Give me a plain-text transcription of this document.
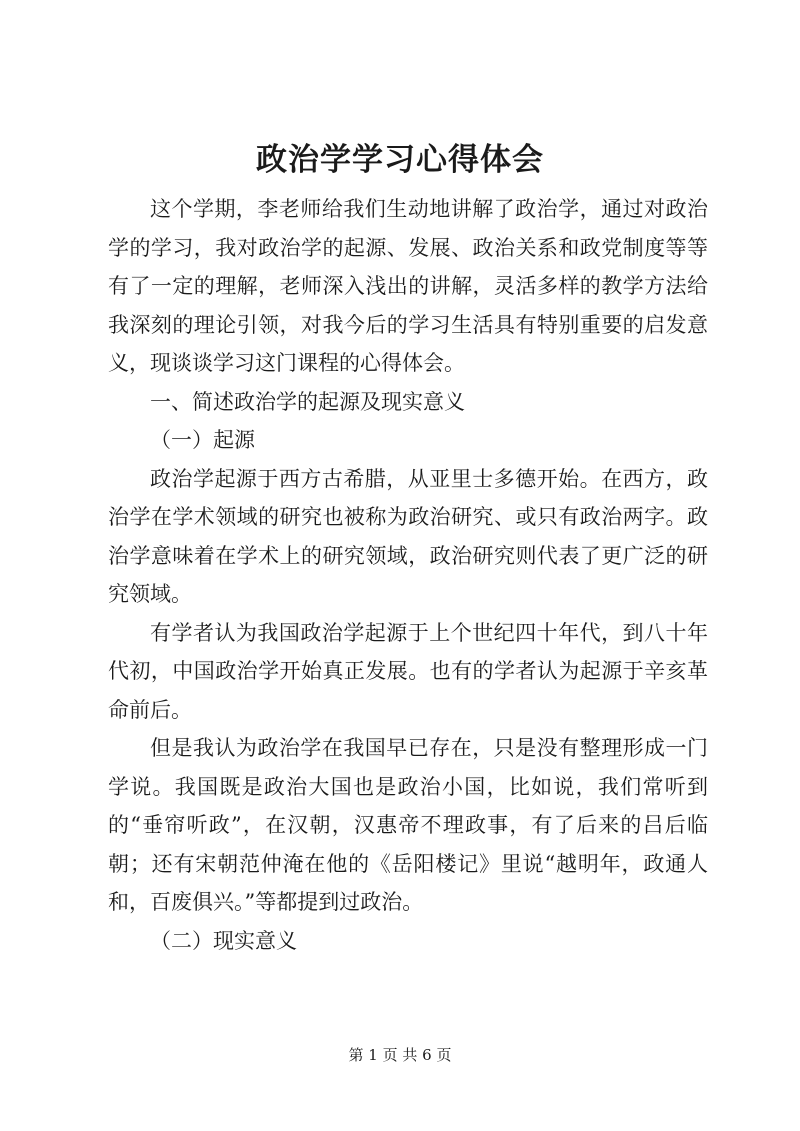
政治学学习心得体会

这个学期，李老师给我们生动地讲解了政治学，通过对政治学的学习，我对政治学的起源、发展、政治关系和政党制度等等有了一定的理解，老师深入浅出的讲解，灵活多样的教学方法给我深刻的理论引领，对我今后的学习生活具有特别重要的启发意义，现谈谈学习这门课程的心得体会。

一、简述政治学的起源及现实意义

（一）起源

政治学起源于西方古希腊，从亚里士多德开始。在西方，政治学在学术领域的研究也被称为政治研究、或只有政治两字。政治学意味着在学术上的研究领域，政治研究则代表了更广泛的研究领域。

有学者认为我国政治学起源于上个世纪四十年代，到八十年代初，中国政治学开始真正发展。也有的学者认为起源于辛亥革命前后。

但是我认为政治学在我国早已存在，只是没有整理形成一门学说。我国既是政治大国也是政治小国，比如说，我们常听到的“垂帘听政”，在汉朝，汉惠帝不理政事，有了后来的吕后临朝；还有宋朝范仲淹在他的《岳阳楼记》里说“越明年，政通人和，百废俱兴。”等都提到过政治。

（二）现实意义

第 1 页 共 6 页
